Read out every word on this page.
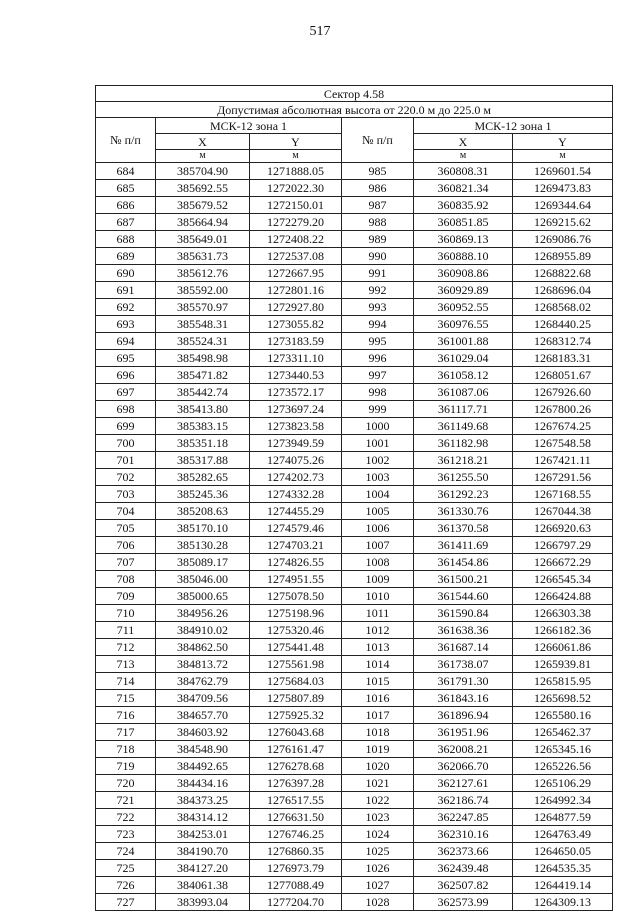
517
Сектор 4.58					
Допустимая абсолютная высота от 220.0 м до 225.0 м					
№ п/п	МСК-12 зона 1		№ п/п	МСК-12 зона 1	
	X	Y		X	Y
	м	м		м	м
684	385704.90	1271888.05	985	360808.31	1269601.54
685	385692.55	1272022.30	986	360821.34	1269473.83
686	385679.52	1272150.01	987	360835.92	1269344.64
687	385664.94	1272279.20	988	360851.85	1269215.62
688	385649.01	1272408.22	989	360869.13	1269086.76
689	385631.73	1272537.08	990	360888.10	1268955.89
690	385612.76	1272667.95	991	360908.86	1268822.68
691	385592.00	1272801.16	992	360929.89	1268696.04
692	385570.97	1272927.80	993	360952.55	1268568.02
693	385548.31	1273055.82	994	360976.55	1268440.25
694	385524.31	1273183.59	995	361001.88	1268312.74
695	385498.98	1273311.10	996	361029.04	1268183.31
696	385471.82	1273440.53	997	361058.12	1268051.67
697	385442.74	1273572.17	998	361087.06	1267926.60
698	385413.80	1273697.24	999	361117.71	1267800.26
699	385383.15	1273823.58	1000	361149.68	1267674.25
700	385351.18	1273949.59	1001	361182.98	1267548.58
701	385317.88	1274075.26	1002	361218.21	1267421.11
702	385282.65	1274202.73	1003	361255.50	1267291.56
703	385245.36	1274332.28	1004	361292.23	1267168.55
704	385208.63	1274455.29	1005	361330.76	1267044.38
705	385170.10	1274579.46	1006	361370.58	1266920.63
706	385130.28	1274703.21	1007	361411.69	1266797.29
707	385089.17	1274826.55	1008	361454.86	1266672.29
708	385046.00	1274951.55	1009	361500.21	1266545.34
709	385000.65	1275078.50	1010	361544.60	1266424.88
710	384956.26	1275198.96	1011	361590.84	1266303.38
711	384910.02	1275320.46	1012	361638.36	1266182.36
712	384862.50	1275441.48	1013	361687.14	1266061.86
713	384813.72	1275561.98	1014	361738.07	1265939.81
714	384762.79	1275684.03	1015	361791.30	1265815.95
715	384709.56	1275807.89	1016	361843.16	1265698.52
716	384657.70	1275925.32	1017	361896.94	1265580.16
717	384603.92	1276043.68	1018	361951.96	1265462.37
718	384548.90	1276161.47	1019	362008.21	1265345.16
719	384492.65	1276278.68	1020	362066.70	1265226.56
720	384434.16	1276397.28	1021	362127.61	1265106.29
721	384373.25	1276517.55	1022	362186.74	1264992.34
722	384314.12	1276631.50	1023	362247.85	1264877.59
723	384253.01	1276746.25	1024	362310.16	1264763.49
724	384190.70	1276860.35	1025	362373.66	1264650.05
725	384127.20	1276973.79	1026	362439.48	1264535.35
726	384061.38	1277088.49	1027	362507.82	1264419.14
727	383993.04	1277204.70	1028	362573.99	1264309.13
